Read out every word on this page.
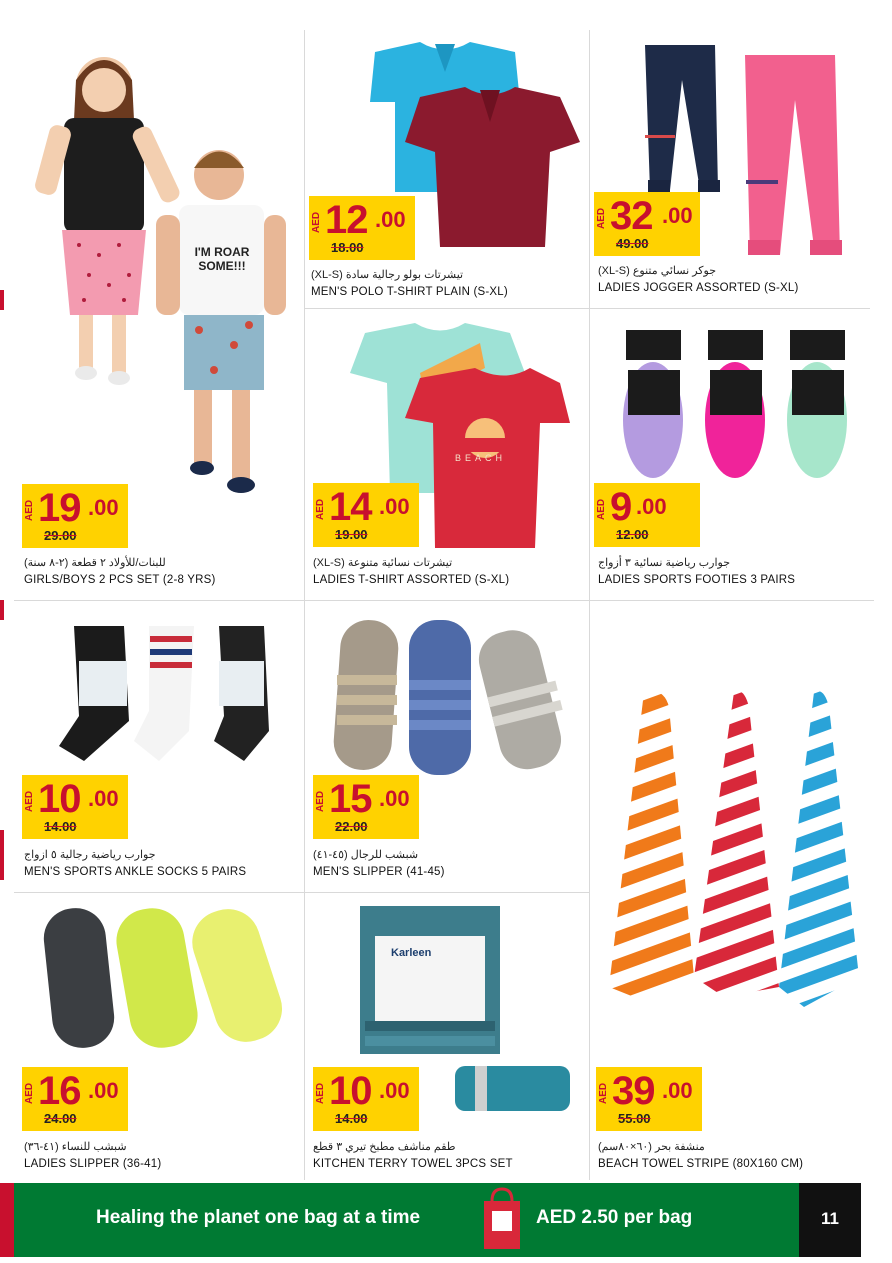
I'M ROAR SOME!!!
AED 19 .00
29.00
للبنات/للأولاد ٢ قطعة (٢-٨ سنة)
GIRLS/BOYS 2 PCS SET (2-8 YRS)
AED 12 .00
18.00
تيشرتات بولو رجالية سادة (XL-S)
MEN'S POLO T-SHIRT PLAIN (S-XL)
AED 32 .00
49.00
جوكر نسائي متنوع (XL-S)
LADIES JOGGER ASSORTED (S-XL)
BEACH
AED 14 .00
19.00
تيشرتات نسائية متنوعة (XL-S)
LADIES T-SHIRT ASSORTED (S-XL)
AED 9 .00
12.00
جوارب رياضية نسائية ٣ أزواج
LADIES SPORTS FOOTIES 3 PAIRS
AED 10 .00
14.00
جوارب رياضية رجالية ٥ ازواج
MEN'S SPORTS ANKLE SOCKS 5 PAIRS
AED 15 .00
22.00
شبشب للرجال (٤٥-٤١)
MEN'S SLIPPER (41-45)
AED 16 .00
24.00
شبشب للنساء (٤١-٣٦)
LADIES SLIPPER (36-41)
Karleen
AED 10 .00
14.00
طقم مناشف مطبخ تيري ٣ قطع
KITCHEN TERRY TOWEL 3PCS SET
AED 39 .00
55.00
منشفة بحر (٦٠×٨٠سم)
BEACH TOWEL STRIPE (80X160 CM)
Healing the planet one bag at a time	AED 2.50 per bag	11
